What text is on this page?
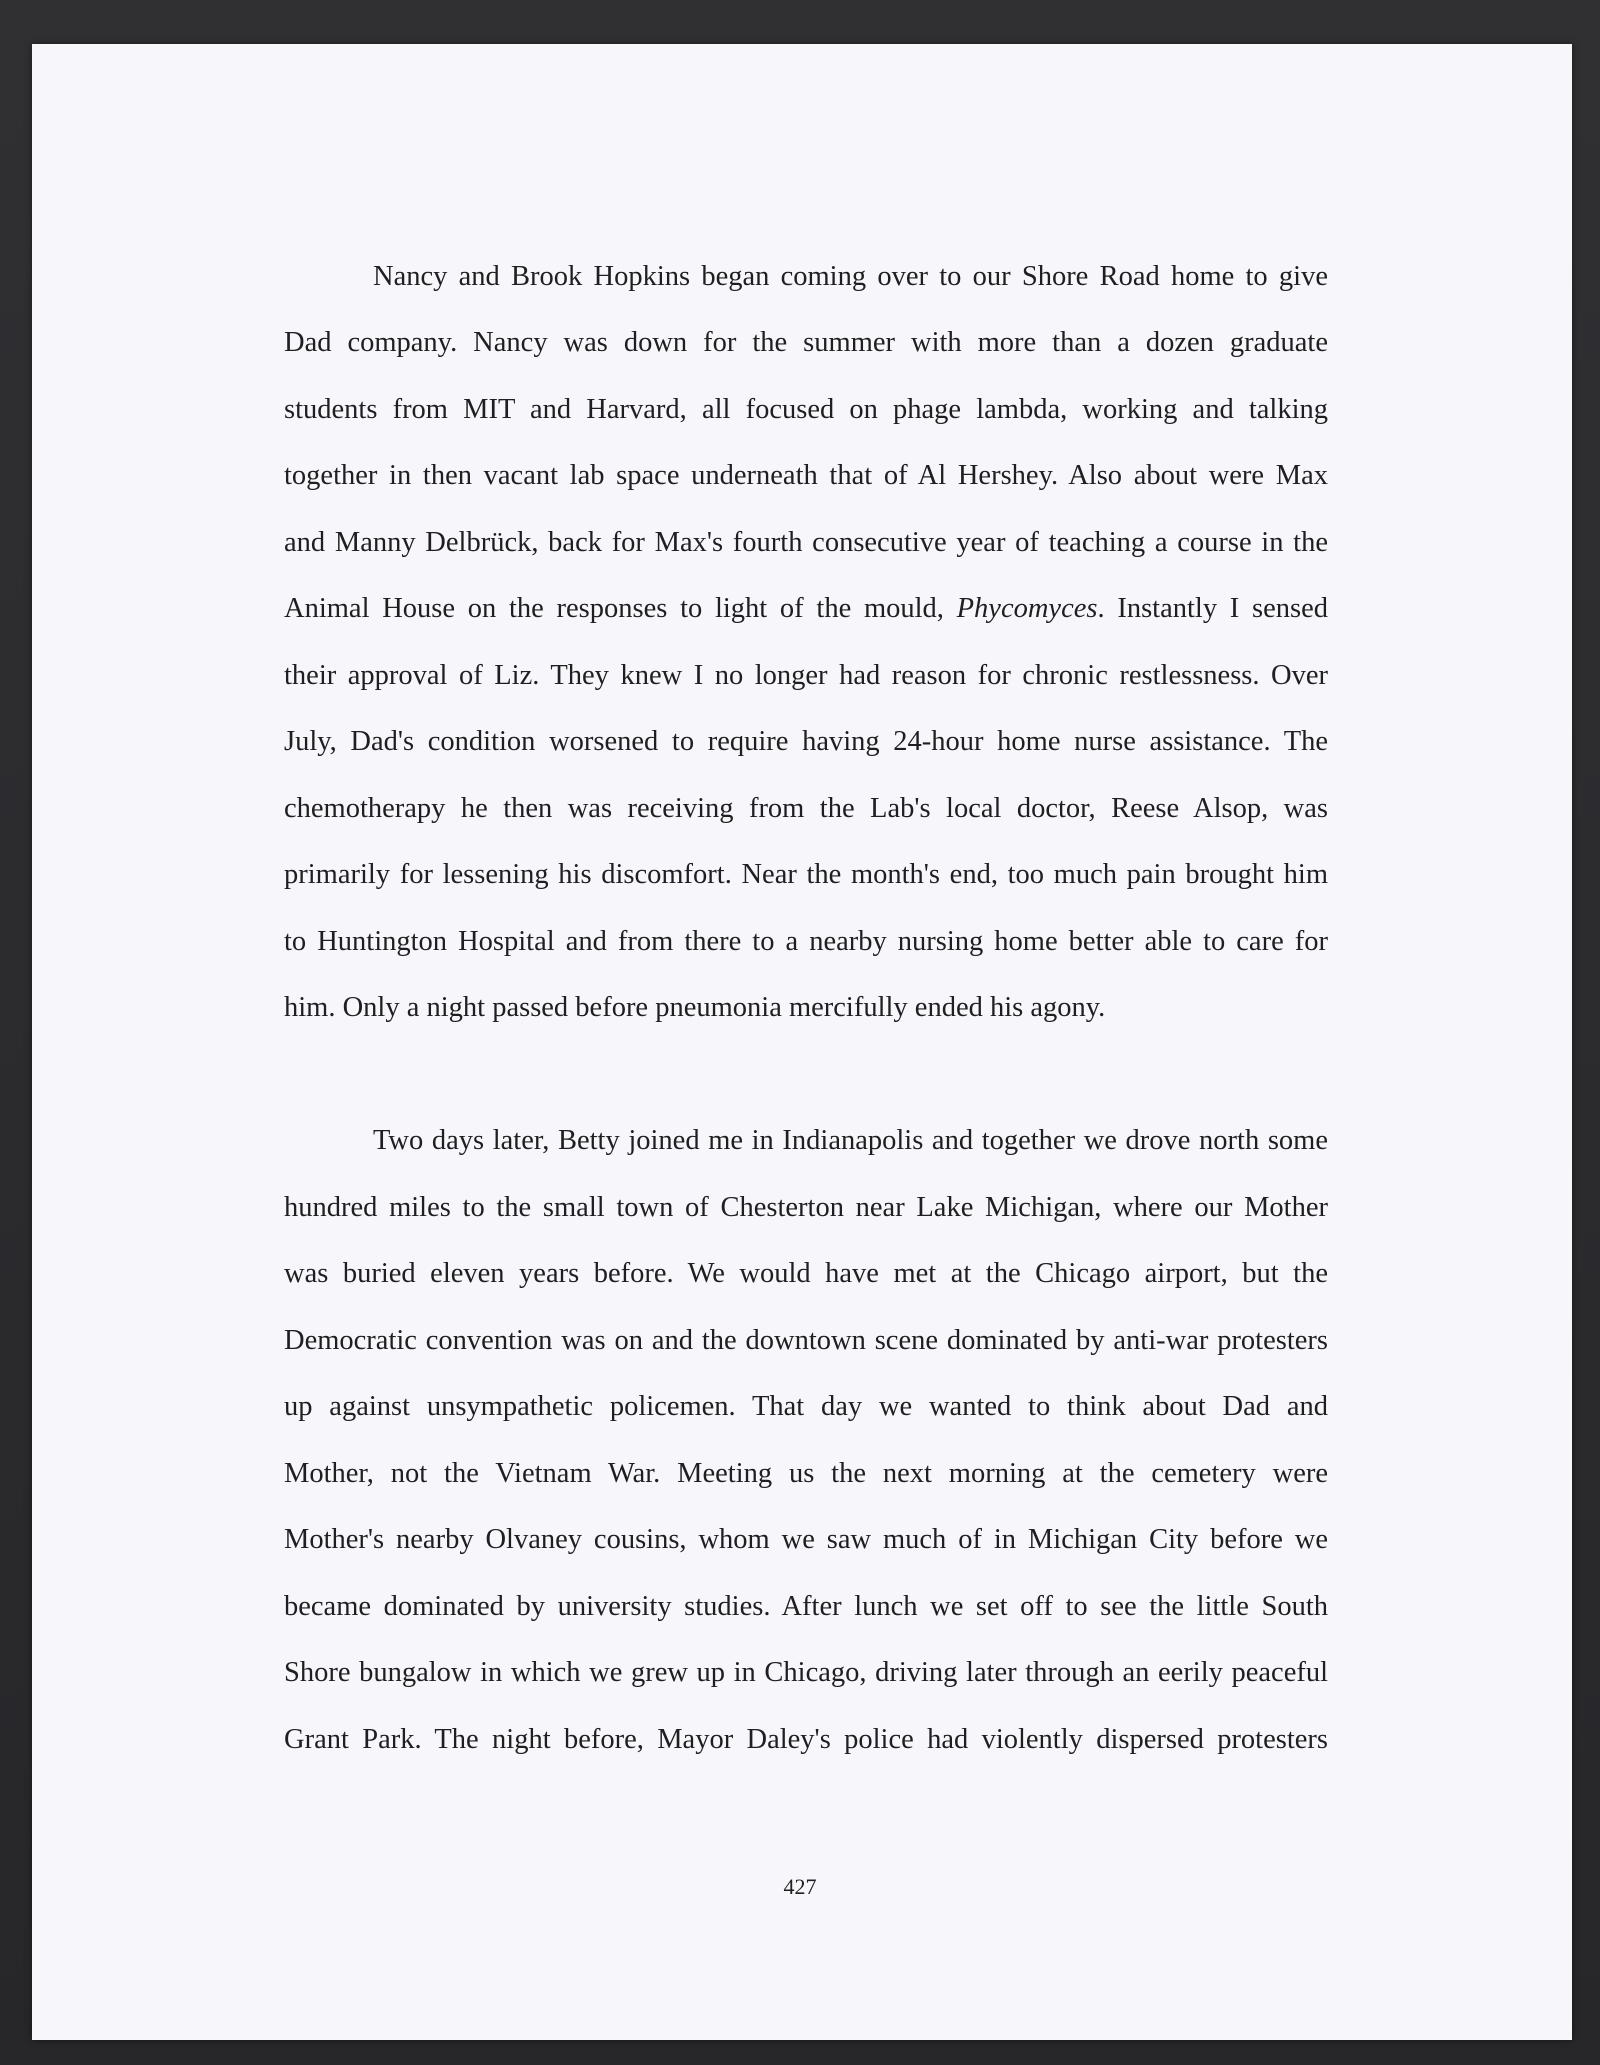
Nancy and Brook Hopkins began coming over to our Shore Road home to give

Dad company. Nancy was down for the summer with more than a dozen graduate

students from MIT and Harvard, all focused on phage lambda, working and talking

together in then vacant lab space underneath that of Al Hershey. Also about were Max

and Manny Delbrück, back for Max's fourth consecutive year of teaching a course in the

Animal House on the responses to light of the mould, Phycomyces. Instantly I sensed

their approval of Liz. They knew I no longer had reason for chronic restlessness. Over

July, Dad's condition worsened to require having 24-hour home nurse assistance. The

chemotherapy he then was receiving from the Lab's local doctor, Reese Alsop, was

primarily for lessening his discomfort. Near the month's end, too much pain brought him

to Huntington Hospital and from there to a nearby nursing home better able to care for

him. Only a night passed before pneumonia mercifully ended his agony.

Two days later, Betty joined me in Indianapolis and together we drove north some

hundred miles to the small town of Chesterton near Lake Michigan, where our Mother

was buried eleven years before. We would have met at the Chicago airport, but the

Democratic convention was on and the downtown scene dominated by anti-war protesters

up against unsympathetic policemen. That day we wanted to think about Dad and

Mother, not the Vietnam War. Meeting us the next morning at the cemetery were

Mother's nearby Olvaney cousins, whom we saw much of in Michigan City before we

became dominated by university studies. After lunch we set off to see the little South

Shore bungalow in which we grew up in Chicago, driving later through an eerily peaceful

Grant Park. The night before, Mayor Daley's police had violently dispersed protesters

427
